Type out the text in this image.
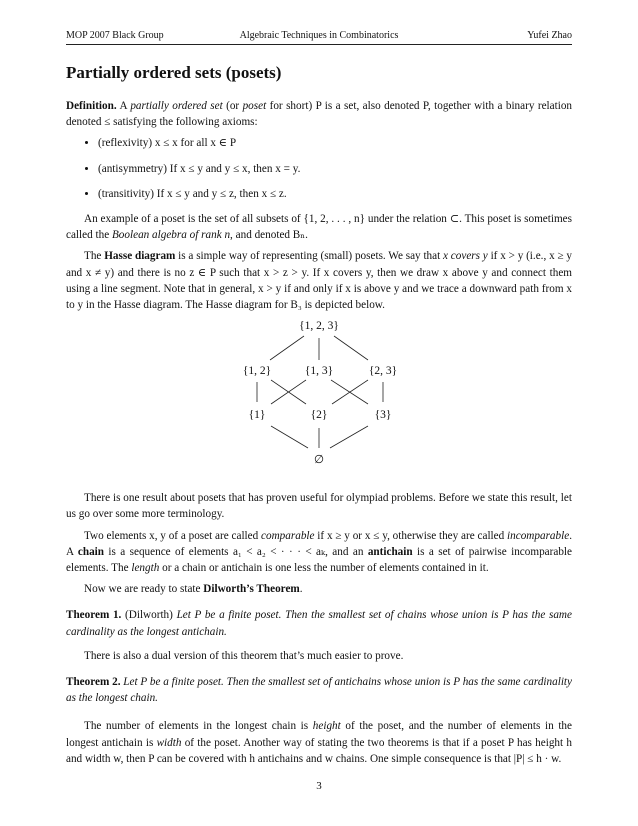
MOP 2007 Black Group	Algebraic Techniques in Combinatorics	Yufei Zhao
Partially ordered sets (posets)

Definition. A partially ordered set (or poset for short) P is a set, also denoted P, together with a binary relation denoted ≤ satisfying the following axioms:

• (reflexivity) x ≤ x for all x ∈ P
• (antisymmetry) If x ≤ y and y ≤ x, then x = y.
• (transitivity) If x ≤ y and y ≤ z, then x ≤ z.

An example of a poset is the set of all subsets of {1, 2, . . . , n} under the relation ⊂. This poset is sometimes called the Boolean algebra of rank n, and denoted Bₙ.

The Hasse diagram is a simple way of representing (small) posets. We say that x covers y if x > y (i.e., x ≥ y and x ≠ y) and there is no z ∈ P such that x > z > y. If x covers y, then we draw x above y and connect them using a line segment. Note that in general, x > y if and only if x is above y and we trace a downward path from x to y in the Hasse diagram. The Hasse diagram for B₃ is depicted below.

{1, 2, 3}
{1, 2}	{1, 3}	{2, 3}
{1}	{2}	{3}
∅

There is one result about posets that has proven useful for olympiad problems. Before we state this result, let us go over some more terminology.

Two elements x, y of a poset are called comparable if x ≥ y or x ≤ y, otherwise they are called incomparable. A chain is a sequence of elements a₁ < a₂ < · · · < aₖ, and an antichain is a set of pairwise incomparable elements. The length or a chain or antichain is one less the number of elements contained in it.

Now we are ready to state Dilworth’s Theorem.

Theorem 1. (Dilworth) Let P be a finite poset. Then the smallest set of chains whose union is P has the same cardinality as the longest antichain.

There is also a dual version of this theorem that’s much easier to prove.

Theorem 2. Let P be a finite poset. Then the smallest set of antichains whose union is P has the same cardinality as the longest chain.

The number of elements in the longest chain is height of the poset, and the number of elements in the longest antichain is width of the poset. Another way of stating the two theorems is that if a poset P has height h and width w, then P can be covered with h antichains and w chains. One simple consequence is that |P| ≤ h · w.

3
